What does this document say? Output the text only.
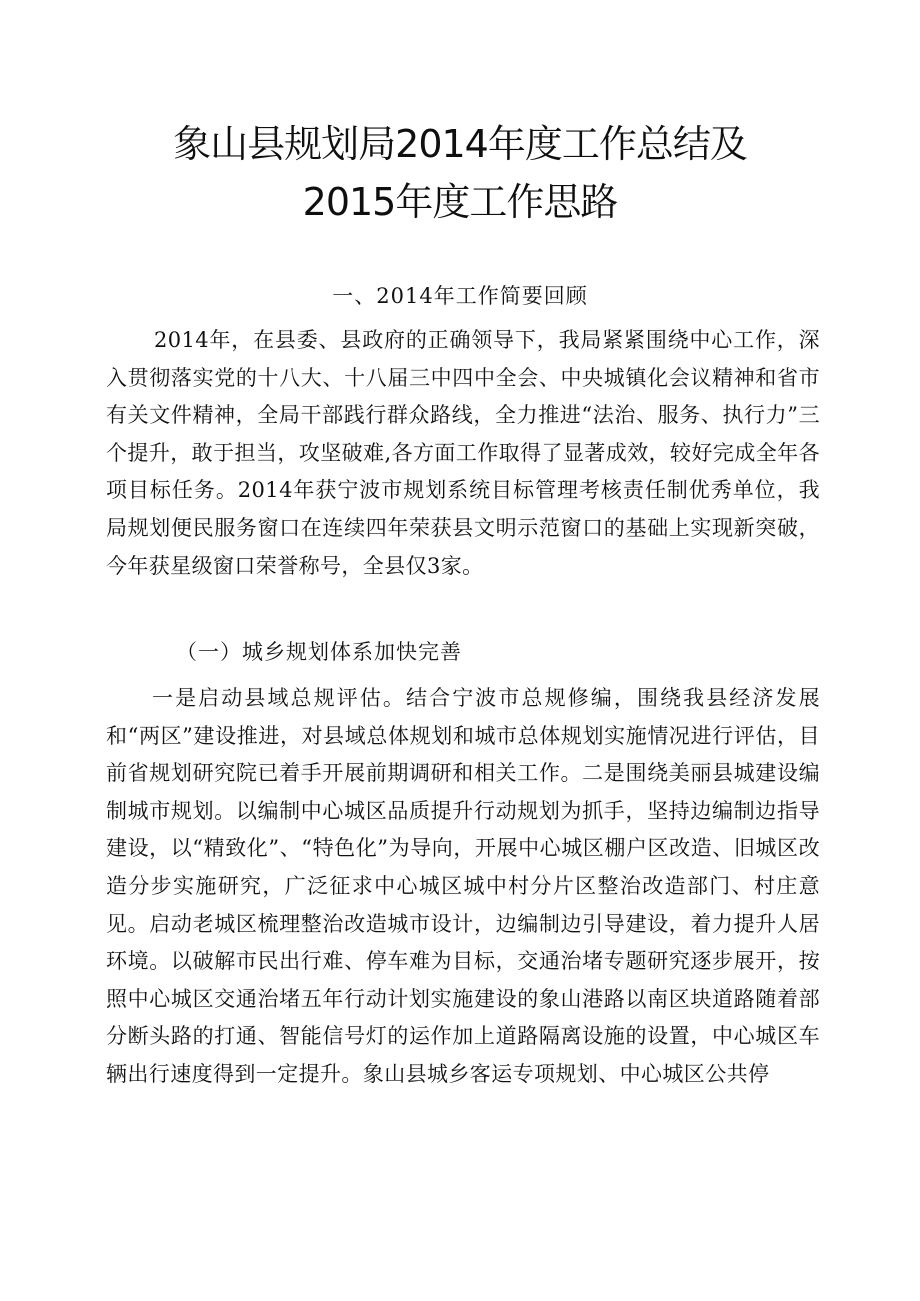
象山县规划局2014年度工作总结及
2015年度工作思路
一、2014年工作简要回顾

2014年，在县委、县政府的正确领导下，我局紧紧围绕中心工作，深入贯彻落实党的十八大、十八届三中四中全会、中央城镇化会议精神和省市有关文件精神，全局干部践行群众路线，全力推进“法治、服务、执行力”三个提升，敢于担当，攻坚破难,各方面工作取得了显著成效，较好完成全年各项目标任务。2014年获宁波市规划系统目标管理考核责任制优秀单位，我局规划便民服务窗口在连续四年荣获县文明示范窗口的基础上实现新突破，今年获星级窗口荣誉称号，全县仅3家。

（一）城乡规划体系加快完善

一是启动县域总规评估。结合宁波市总规修编，围绕我县经济发展和“两区”建设推进，对县域总体规划和城市总体规划实施情况进行评估，目前省规划研究院已着手开展前期调研和相关工作。二是围绕美丽县城建设编制城市规划。以编制中心城区品质提升行动规划为抓手，坚持边编制边指导建设，以“精致化”、“特色化”为导向，开展中心城区棚户区改造、旧城区改造分步实施研究，广泛征求中心城区城中村分片区整治改造部门、村庄意见。启动老城区梳理整治改造城市设计，边编制边引导建设，着力提升人居环境。以破解市民出行难、停车难为目标，交通治堵专题研究逐步展开，按照中心城区交通治堵五年行动计划实施建设的象山港路以南区块道路随着部分断头路的打通、智能信号灯的运作加上道路隔离设施的设置，中心城区车辆出行速度得到一定提升。象山县城乡客运专项规划、中心城区公共停
